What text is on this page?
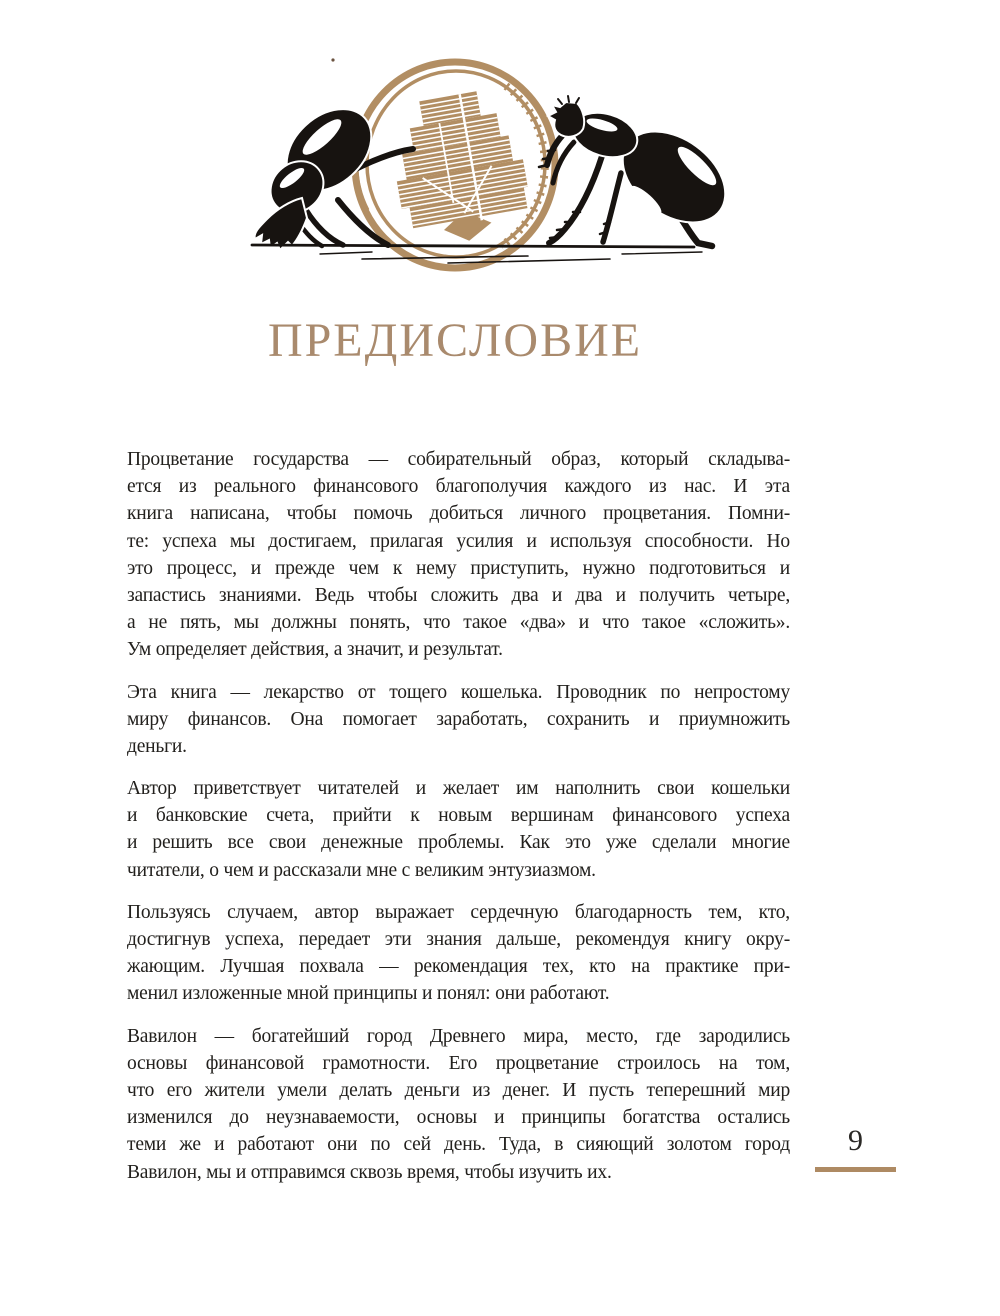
ПРЕДИСЛОВИЕ
Процветание государства — собирательный образ, который складыва-
ется из реального финансового благополучия каждого из нас. И эта
книга написана, чтобы помочь добиться личного процветания. Помни-
те: успеха мы достигаем, прилагая усилия и используя способности. Но
это процесс, и прежде чем к нему приступить, нужно подготовиться и
запастись знаниями. Ведь чтобы сложить два и два и получить четыре,
а не пять, мы должны понять, что такое «два» и что такое «сложить».
Ум определяет действия, а значит, и результат.
Эта книга — лекарство от тощего кошелька. Проводник по непростому
миру финансов. Она помогает заработать, сохранить и приумножить
деньги.
Автор приветствует читателей и желает им наполнить свои кошельки
и банковские счета, прийти к новым вершинам финансового успеха
и решить все свои денежные проблемы. Как это уже сделали многие
читатели, о чем и рассказали мне с великим энтузиазмом.
Пользуясь случаем, автор выражает сердечную благодарность тем, кто,
достигнув успеха, передает эти знания дальше, рекомендуя книгу окру-
жающим. Лучшая похвала — рекомендация тех, кто на практике при-
менил изложенные мной принципы и понял: они работают.
Вавилон — богатейший город Древнего мира, место, где зародились
основы финансовой грамотности. Его процветание строилось на том,
что его жители умели делать деньги из денег. И пусть теперешний мир
изменился до неузнаваемости, основы и принципы богатства остались
теми же и работают они по сей день. Туда, в сияющий золотом город
Вавилон, мы и отправимся сквозь время, чтобы изучить их.
9
